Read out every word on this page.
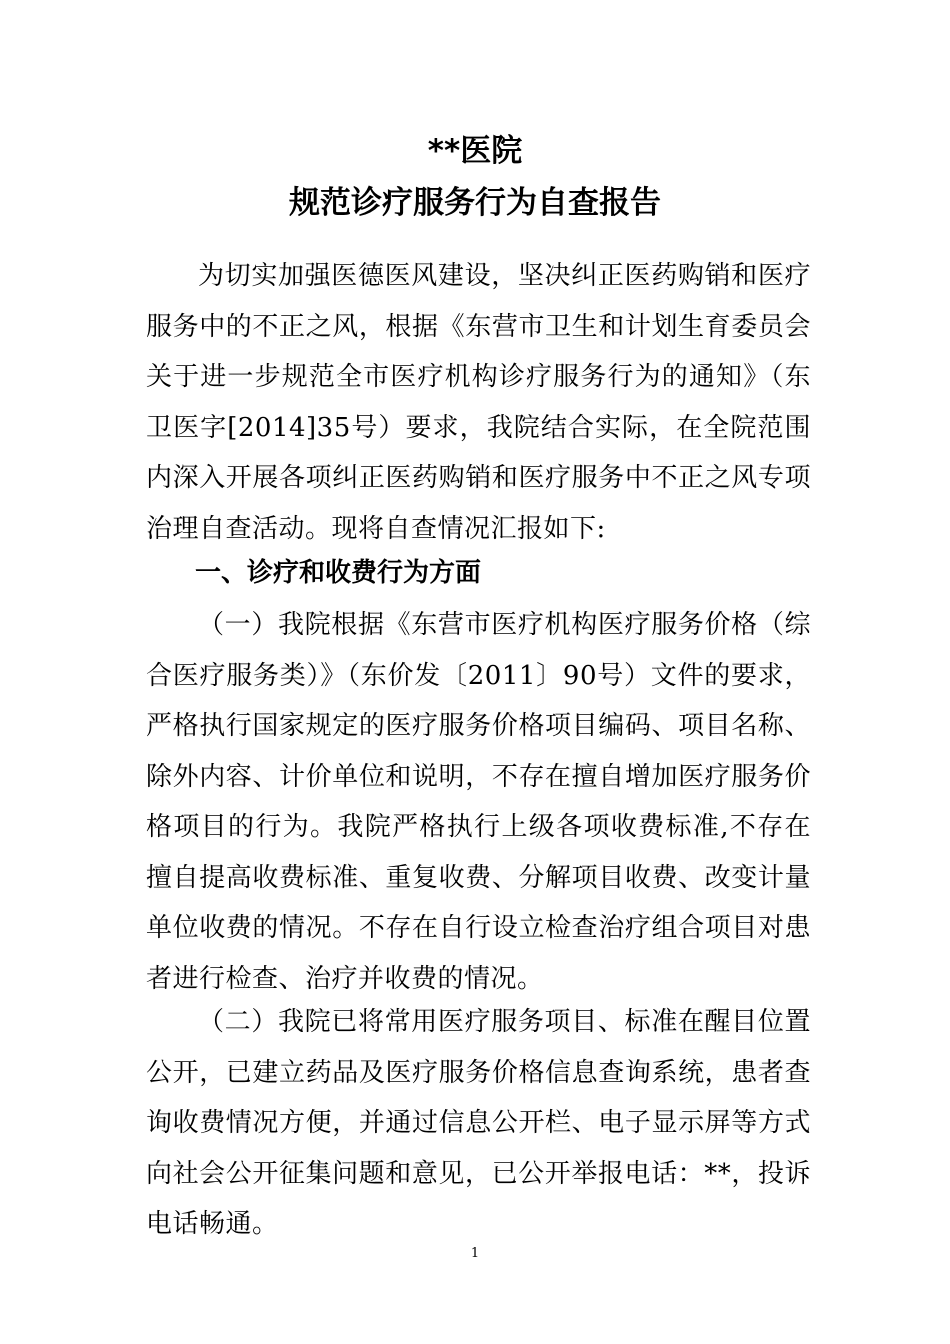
**医院
规范诊疗服务行为自查报告

为切实加强医德医风建设，坚决纠正医药购销和医疗服务中的不正之风，根据《东营市卫生和计划生育委员会关于进一步规范全市医疗机构诊疗服务行为的通知》（东卫医字[2014]35号）要求，我院结合实际，在全院范围内深入开展各项纠正医药购销和医疗服务中不正之风专项治理自查活动。现将自查情况汇报如下:

一、诊疗和收费行为方面

（一）我院根据《东营市医疗机构医疗服务价格（综合医疗服务类）》（东价发〔2011〕90号）文件的要求，严格执行国家规定的医疗服务价格项目编码、项目名称、除外内容、计价单位和说明，不存在擅自增加医疗服务价格项目的行为。我院严格执行上级各项收费标准,不存在擅自提高收费标准、重复收费、分解项目收费、改变计量单位收费的情况。不存在自行设立检查治疗组合项目对患者进行检查、治疗并收费的情况。

（二）我院已将常用医疗服务项目、标准在醒目位置公开，已建立药品及医疗服务价格信息查询系统，患者查询收费情况方便，并通过信息公开栏、电子显示屏等方式向社会公开征集问题和意见，已公开举报电话：**，投诉电话畅通。

1
